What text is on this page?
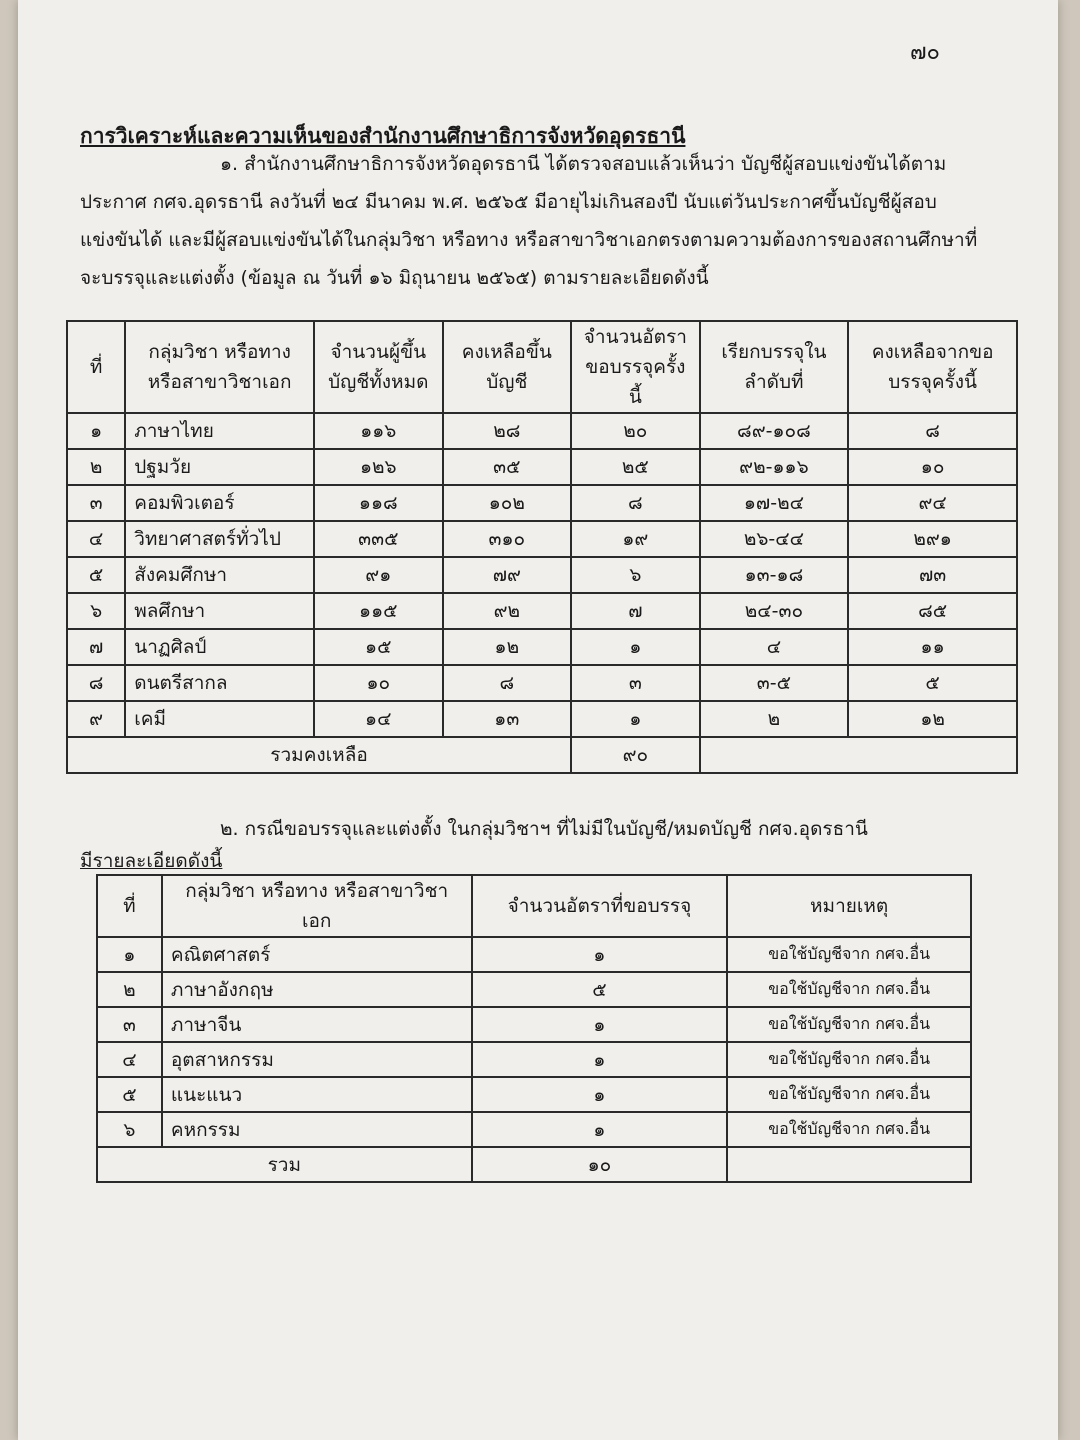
๗๐
การวิเคราะห์และความเห็นของสำนักงานศึกษาธิการจังหวัดอุดรธานี
๑. สำนักงานศึกษาธิการจังหวัดอุดรธานี ได้ตรวจสอบแล้วเห็นว่า บัญชีผู้สอบแข่งขันได้ตามประกาศ กศจ.อุดรธานี ลงวันที่ ๒๔ มีนาคม พ.ศ. ๒๕๖๕ มีอายุไม่เกินสองปี นับแต่วันประกาศขึ้นบัญชีผู้สอบแข่งขันได้ และมีผู้สอบแข่งขันได้ในกลุ่มวิชา หรือทาง หรือสาขาวิชาเอกตรงตามความต้องการของสถานศึกษาที่จะบรรจุและแต่งตั้ง (ข้อมูล ณ วันที่ ๑๖ มิถุนายน ๒๕๖๕) ตามรายละเอียดดังนี้
ที่	กลุ่มวิชา หรือทาง หรือสาขาวิชาเอก	จำนวนผู้ขึ้นบัญชีทั้งหมด	คงเหลือขึ้นบัญชี	จำนวนอัตราขอบรรจุครั้งนี้	เรียกบรรจุในลำดับที่	คงเหลือจากขอบรรจุครั้งนี้
๑	ภาษาไทย	๑๑๖	๒๘	๒๐	๘๙-๑๐๘	๘
๒	ปฐมวัย	๑๒๖	๓๕	๒๕	๙๒-๑๑๖	๑๐
๓	คอมพิวเตอร์	๑๑๘	๑๐๒	๘	๑๗-๒๔	๙๔
๔	วิทยาศาสตร์ทั่วไป	๓๓๕	๓๑๐	๑๙	๒๖-๔๔	๒๙๑
๕	สังคมศึกษา	๙๑	๗๙	๖	๑๓-๑๘	๗๓
๖	พลศึกษา	๑๑๕	๙๒	๗	๒๔-๓๐	๘๕
๗	นาฏศิลป์	๑๕	๑๒	๑	๔	๑๑
๘	ดนตรีสากล	๑๐	๘	๓	๓-๕	๕
๙	เคมี	๑๔	๑๓	๑	๒	๑๒
รวมคงเหลือ				๙๐		
๒. กรณีขอบรรจุและแต่งตั้ง ในกลุ่มวิชาฯ ที่ไม่มีในบัญชี/หมดบัญชี กศจ.อุดรธานี
มีรายละเอียดดังนี้
ที่	กลุ่มวิชา หรือทาง หรือสาขาวิชาเอก	จำนวนอัตราที่ขอบรรจุ	หมายเหตุ
๑	คณิตศาสตร์	๑	ขอใช้บัญชีจาก กศจ.อื่น
๒	ภาษาอังกฤษ	๕	ขอใช้บัญชีจาก กศจ.อื่น
๓	ภาษาจีน	๑	ขอใช้บัญชีจาก กศจ.อื่น
๔	อุตสาหกรรม	๑	ขอใช้บัญชีจาก กศจ.อื่น
๕	แนะแนว	๑	ขอใช้บัญชีจาก กศจ.อื่น
๖	คหกรรม	๑	ขอใช้บัญชีจาก กศจ.อื่น
รวม		๑๐	
